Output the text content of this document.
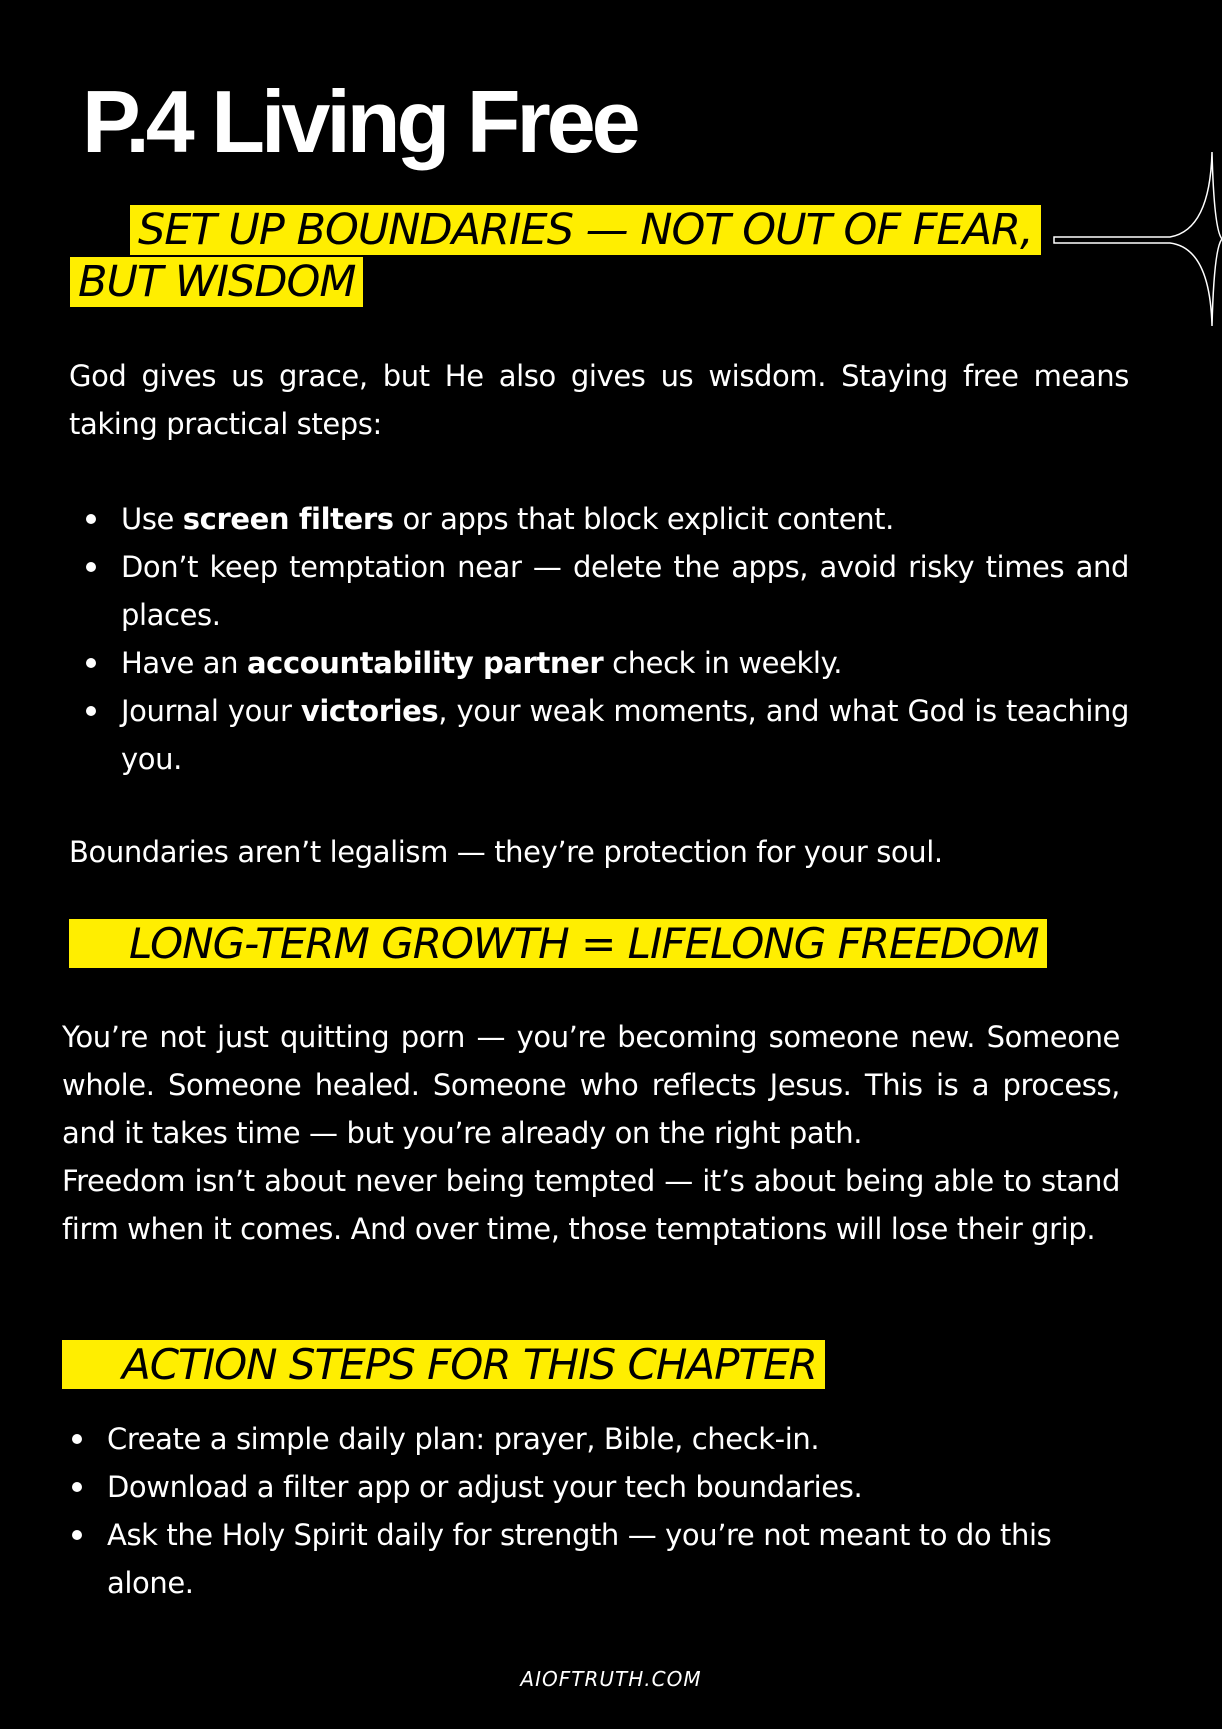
P.4 Living Free
SET UP BOUNDARIES — NOT OUT OF FEAR, BUT WISDOM

God gives us grace, but He also gives us wisdom. Staying free means taking practical steps:

Use screen filters or apps that block explicit content.
Don’t keep temptation near — delete the apps, avoid risky times and places.
Have an accountability partner check in weekly.
Journal your victories, your weak moments, and what God is teaching you.

Boundaries aren’t legalism — they’re protection for your soul.

LONG-TERM GROWTH = LIFELONG FREEDOM

You’re not just quitting porn — you’re becoming someone new. Someone whole. Someone healed. Someone who reflects Jesus. This is a process, and it takes time — but you’re already on the right path.

Freedom isn’t about never being tempted — it’s about being able to stand firm when it comes. And over time, those temptations will lose their grip.

ACTION STEPS FOR THIS CHAPTER
Create a simple daily plan: prayer, Bible, check-in.
Download a filter app or adjust your tech boundaries.
Ask the Holy Spirit daily for strength — you’re not meant to do this alone.
AIOFTRUTH.COM
